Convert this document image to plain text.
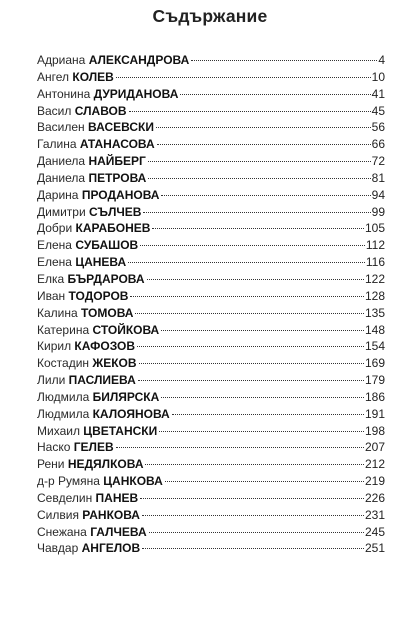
Съдържание
Адриана АЛЕКСАНДРОВА	4
Ангел КОЛЕВ	10
Антонина ДУРИДАНОВА	41
Васил СЛАВОВ	45
Василен ВАСЕВСКИ	56
Галина АТАНАСОВА	66
Даниела НАЙБЕРГ	72
Даниела ПЕТРОВА	81
Дарина ПРОДАНОВА	94
Димитри СЪЛЧЕВ	99
Добри КАРАБОНЕВ	105
Елена СУБАШОВ	112
Елена ЦАНЕВА	116
Елка БЪРДАРОВА	122
Иван ТОДОРОВ	128
Калина ТОМОВА	135
Катерина СТОЙКОВА	148
Кирил КАФОЗОВ	154
Костадин ЖЕКОВ	169
Лили ПАСЛИЕВА	179
Людмила БИЛЯРСКА	186
Людмила КАЛОЯНОВА	191
Михаил ЦВЕТАНСКИ	198
Наско ГЕЛЕВ	207
Рени НЕДЯЛКОВА	212
д-р Румяна ЦАНКОВА	219
Севделин ПАНЕВ	226
Силвия РАНКОВА	231
Снежана ГАЛЧЕВА	245
Чавдар АНГЕЛОВ	251
